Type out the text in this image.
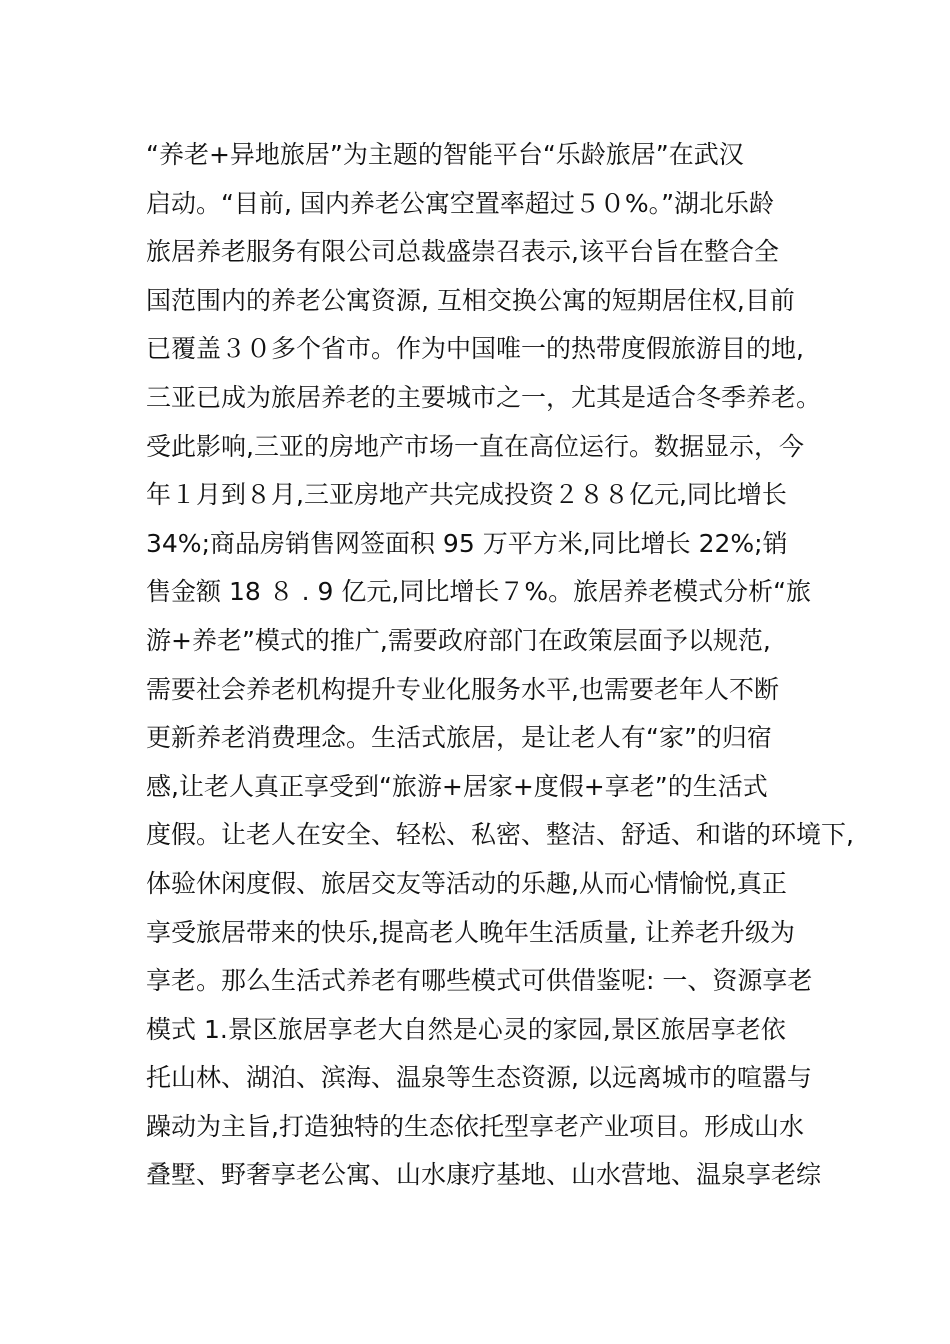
“养老+异地旅居”为主题的智能平台“乐龄旅居”在武汉
启动。“目前, 国内养老公寓空置率超过５０%。”湖北乐龄
旅居养老服务有限公司总裁盛崇召表示,该平台旨在整合全
国范围内的养老公寓资源, 互相交换公寓的短期居住权,目前
已覆盖３０多个省市。作为中国唯一的热带度假旅游目的地,
三亚已成为旅居养老的主要城市之一，尤其是适合冬季养老。
受此影响,三亚的房地产市场一直在高位运行。数据显示，今
年１月到８月,三亚房地产共完成投资２８８亿元,同比增长
34%;商品房销售网签面积 95 万平方米,同比增长 22%;销
售金额 18 ８ . 9 亿元,同比增长７%。旅居养老模式分析“旅
游+养老”模式的推广,需要政府部门在政策层面予以规范,
需要社会养老机构提升专业化服务水平,也需要老年人不断
更新养老消费理念。生活式旅居，是让老人有“家”的归宿
感,让老人真正享受到“旅游+居家+度假+享老”的生活式
度假。让老人在安全、轻松、私密、整洁、舒适、和谐的环境下,
体验休闲度假、旅居交友等活动的乐趣,从而心情愉悦,真正
享受旅居带来的快乐,提高老人晚年生活质量, 让养老升级为
享老。那么生活式养老有哪些模式可供借鉴呢: 一、资源享老
模式 1.景区旅居享老大自然是心灵的家园,景区旅居享老依
托山林、湖泊、滨海、温泉等生态资源, 以远离城市的喧嚣与
躁动为主旨,打造独特的生态依托型享老产业项目。形成山水
叠墅、野奢享老公寓、山水康疗基地、山水营地、温泉享老综
